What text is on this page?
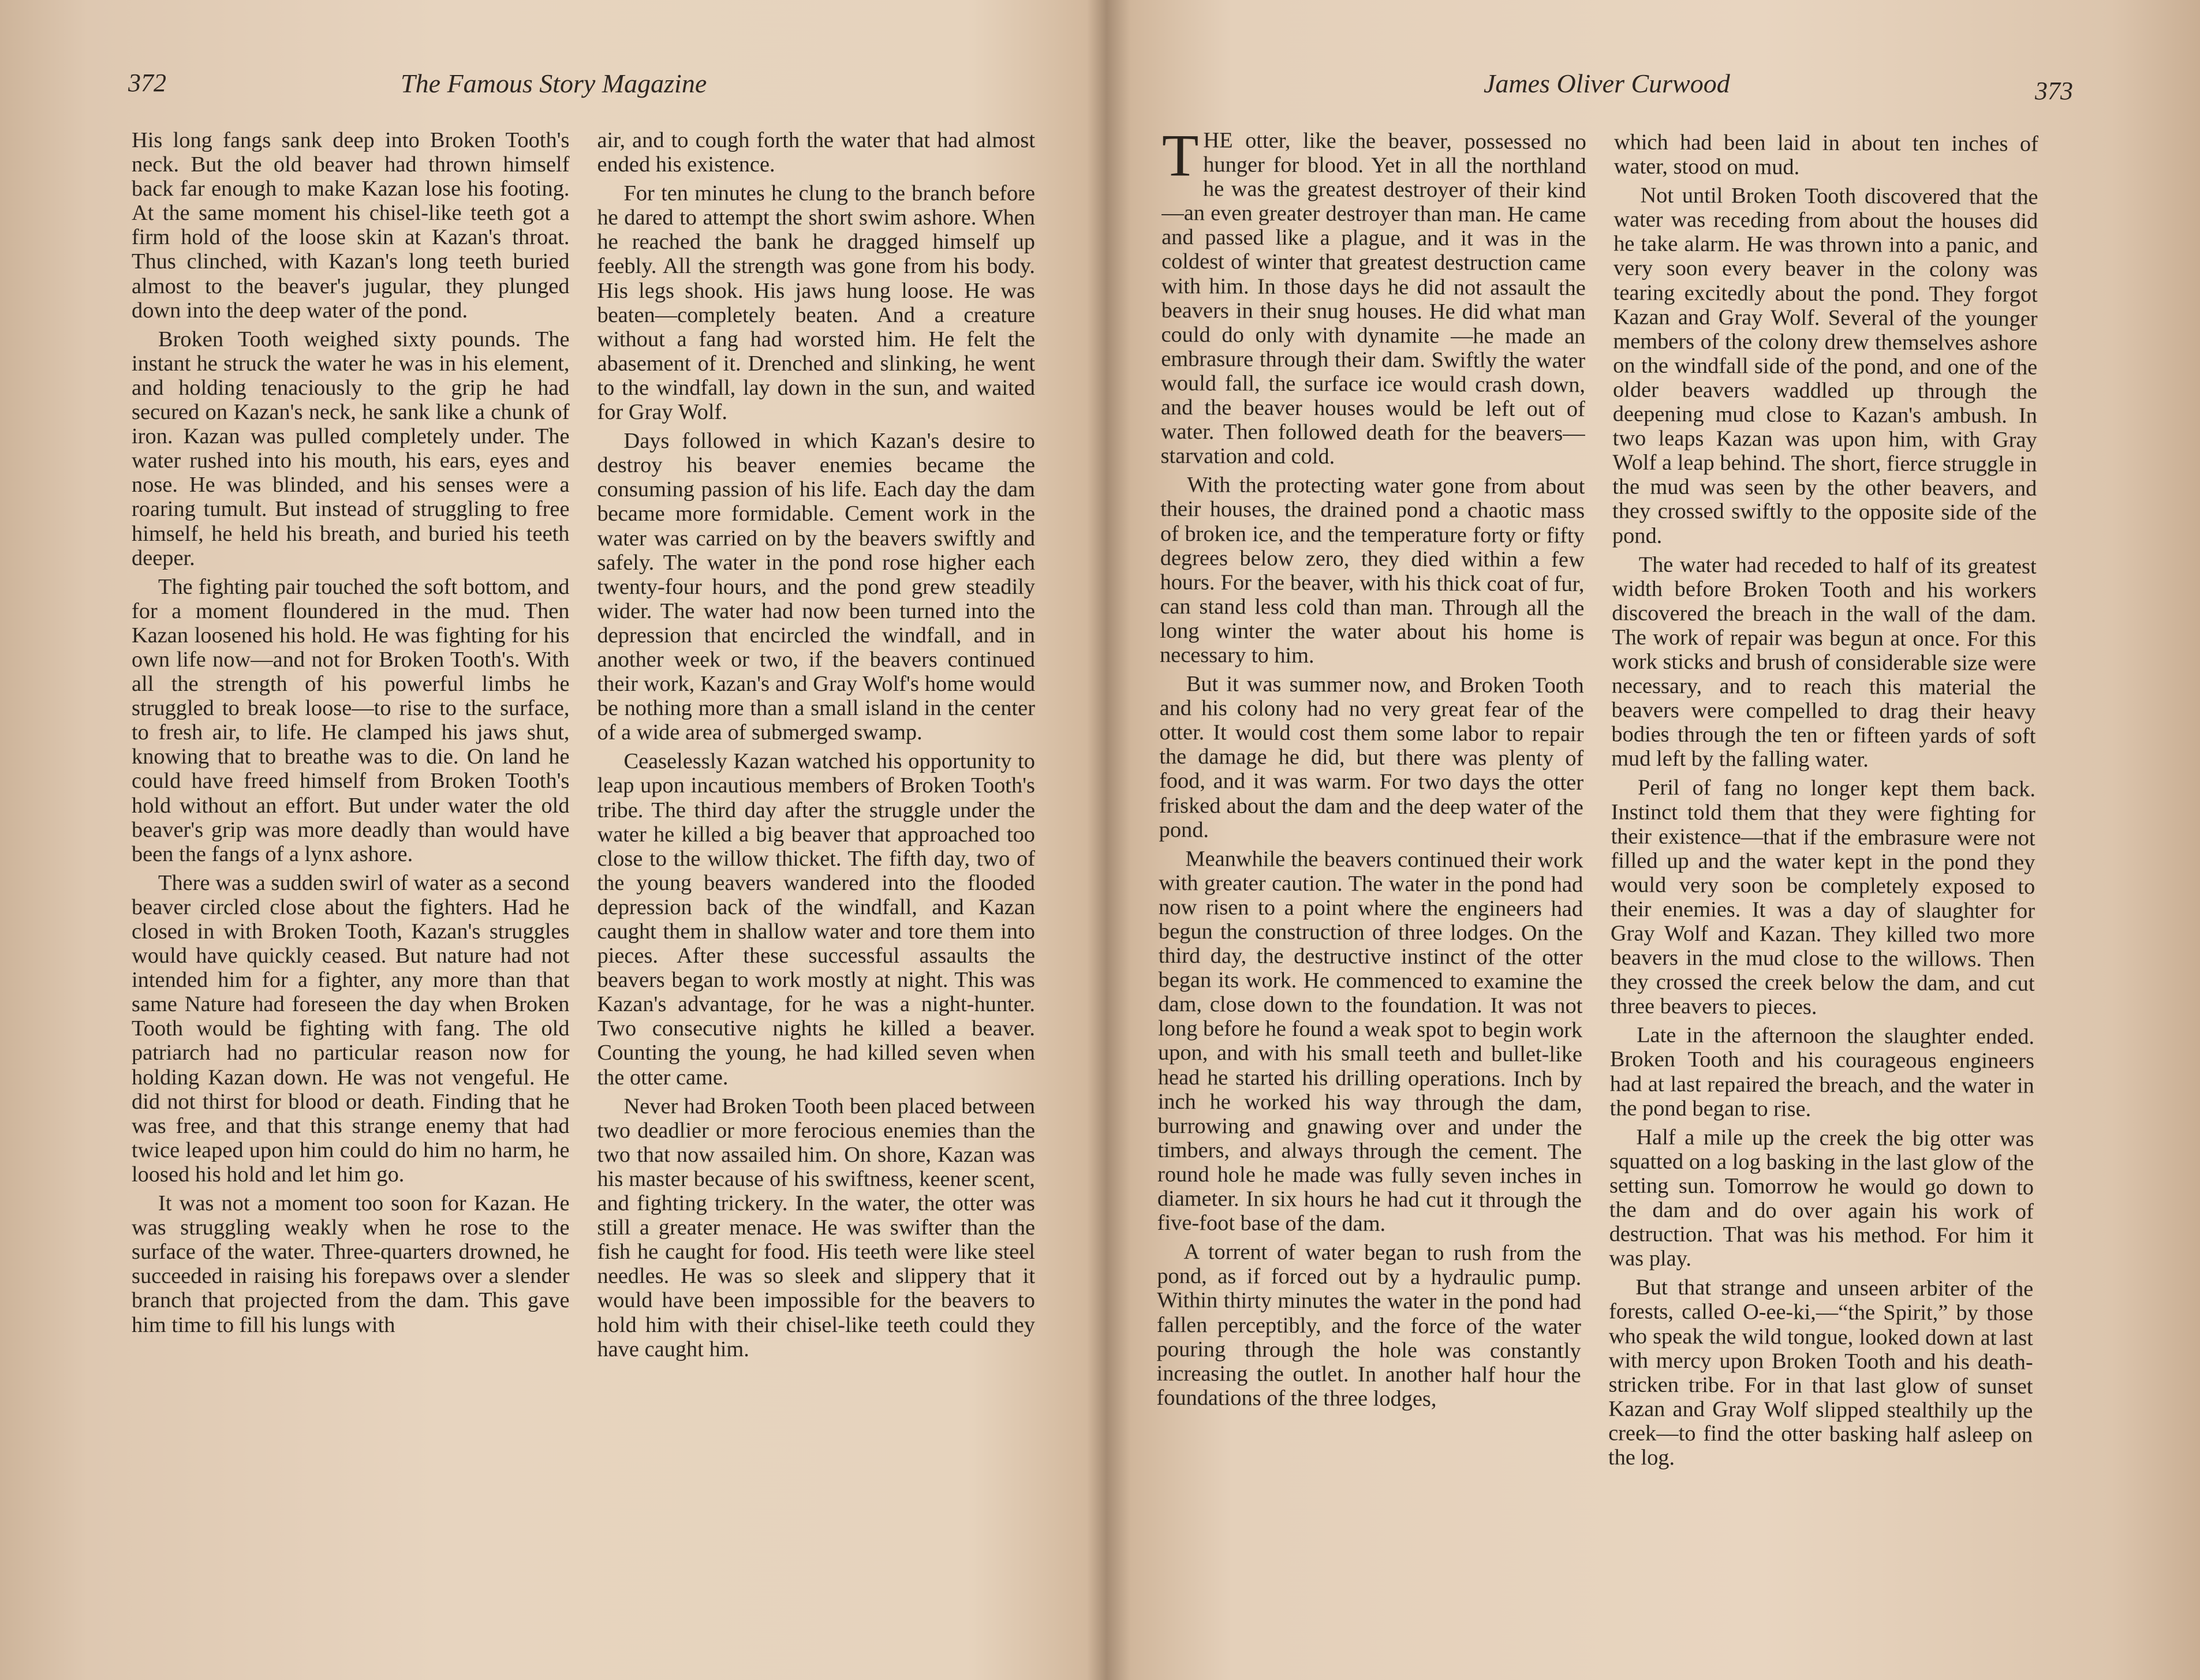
372	The Famous Story Magazine

His long fangs sank deep into Broken Tooth's neck. But the old beaver had thrown himself back far enough to make Kazan lose his footing. At the same moment his chisel-like teeth got a firm hold of the loose skin at Kazan's throat. Thus clinched, with Kazan's long teeth buried almost to the beaver's jugular, they plunged down into the deep water of the pond.

Broken Tooth weighed sixty pounds. The instant he struck the water he was in his element, and holding tenaciously to the grip he had secured on Kazan's neck, he sank like a chunk of iron. Kazan was pulled completely under. The water rushed into his mouth, his ears, eyes and nose. He was blinded, and his senses were a roaring tumult. But instead of struggling to free himself, he held his breath, and buried his teeth deeper.

The fighting pair touched the soft bottom, and for a moment floundered in the mud. Then Kazan loosened his hold. He was fighting for his own life now—and not for Broken Tooth's. With all the strength of his powerful limbs he struggled to break loose—to rise to the surface, to fresh air, to life. He clamped his jaws shut, knowing that to breathe was to die. On land he could have freed himself from Broken Tooth's hold without an effort. But under water the old beaver's grip was more deadly than would have been the fangs of a lynx ashore.

There was a sudden swirl of water as a second beaver circled close about the fighters. Had he closed in with Broken Tooth, Kazan's struggles would have quickly ceased. But nature had not intended him for a fighter, any more than that same Nature had foreseen the day when Broken Tooth would be fighting with fang. The old patriarch had no particular reason now for holding Kazan down. He was not vengeful. He did not thirst for blood or death. Finding that he was free, and that this strange enemy that had twice leaped upon him could do him no harm, he loosed his hold and let him go.

It was not a moment too soon for Kazan. He was struggling weakly when he rose to the surface of the water. Three-quarters drowned, he succeeded in raising his forepaws over a slender branch that projected from the dam. This gave him time to fill his lungs with

air, and to cough forth the water that had almost ended his existence.

For ten minutes he clung to the branch before he dared to attempt the short swim ashore. When he reached the bank he dragged himself up feebly. All the strength was gone from his body. His legs shook. His jaws hung loose. He was beaten—completely beaten. And a creature without a fang had worsted him. He felt the abasement of it. Drenched and slinking, he went to the windfall, lay down in the sun, and waited for Gray Wolf.

Days followed in which Kazan's desire to destroy his beaver enemies became the consuming passion of his life. Each day the dam became more formidable. Cement work in the water was carried on by the beavers swiftly and safely. The water in the pond rose higher each twenty-four hours, and the pond grew steadily wider. The water had now been turned into the depression that encircled the windfall, and in another week or two, if the beavers continued their work, Kazan's and Gray Wolf's home would be nothing more than a small island in the center of a wide area of submerged swamp.

Ceaselessly Kazan watched his opportunity to leap upon incautious members of Broken Tooth's tribe. The third day after the struggle under the water he killed a big beaver that approached too close to the willow thicket. The fifth day, two of the young beavers wandered into the flooded depression back of the windfall, and Kazan caught them in shallow water and tore them into pieces. After these successful assaults the beavers began to work mostly at night. This was Kazan's advantage, for he was a night-hunter. Two consecutive nights he killed a beaver. Counting the young, he had killed seven when the otter came.

Never had Broken Tooth been placed between two deadlier or more ferocious enemies than the two that now assailed him. On shore, Kazan was his master because of his swiftness, keener scent, and fighting trickery. In the water, the otter was still a greater menace. He was swifter than the fish he caught for food. His teeth were like steel needles. He was so sleek and slippery that it would have been impossible for the beavers to hold him with their chisel-like teeth could they have caught him.

James Oliver Curwood	373

THE otter, like the beaver, possessed no hunger for blood. Yet in all the northland he was the greatest destroyer of their kind—an even greater destroyer than man. He came and passed like a plague, and it was in the coldest of winter that greatest destruction came with him. In those days he did not assault the beavers in their snug houses. He did what man could do only with dynamite —he made an embrasure through their dam. Swiftly the water would fall, the surface ice would crash down, and the beaver houses would be left out of water. Then followed death for the beavers— starvation and cold.

With the protecting water gone from about their houses, the drained pond a chaotic mass of broken ice, and the temperature forty or fifty degrees below zero, they died within a few hours. For the beaver, with his thick coat of fur, can stand less cold than man. Through all the long winter the water about his home is necessary to him.

But it was summer now, and Broken Tooth and his colony had no very great fear of the otter. It would cost them some labor to repair the damage he did, but there was plenty of food, and it was warm. For two days the otter frisked about the dam and the deep water of the pond.

Meanwhile the beavers continued their work with greater caution. The water in the pond had now risen to a point where the engineers had begun the construction of three lodges. On the third day, the destructive instinct of the otter began its work. He commenced to examine the dam, close down to the foundation. It was not long before he found a weak spot to begin work upon, and with his small teeth and bullet-like head he started his drilling operations. Inch by inch he worked his way through the dam, burrowing and gnawing over and under the timbers, and always through the cement. The round hole he made was fully seven inches in diameter. In six hours he had cut it through the five-foot base of the dam.

A torrent of water began to rush from the pond, as if forced out by a hydraulic pump. Within thirty minutes the water in the pond had fallen perceptibly, and the force of the water pouring through the hole was constantly increasing the outlet. In another half hour the foundations of the three lodges,

which had been laid in about ten inches of water, stood on mud.

Not until Broken Tooth discovered that the water was receding from about the houses did he take alarm. He was thrown into a panic, and very soon every beaver in the colony was tearing excitedly about the pond. They forgot Kazan and Gray Wolf. Several of the younger members of the colony drew themselves ashore on the windfall side of the pond, and one of the older beavers waddled up through the deepening mud close to Kazan's ambush. In two leaps Kazan was upon him, with Gray Wolf a leap behind. The short, fierce struggle in the mud was seen by the other beavers, and they crossed swiftly to the opposite side of the pond.

The water had receded to half of its greatest width before Broken Tooth and his workers discovered the breach in the wall of the dam. The work of repair was begun at once. For this work sticks and brush of considerable size were necessary, and to reach this material the beavers were compelled to drag their heavy bodies through the ten or fifteen yards of soft mud left by the falling water.

Peril of fang no longer kept them back. Instinct told them that they were fighting for their existence—that if the embrasure were not filled up and the water kept in the pond they would very soon be completely exposed to their enemies. It was a day of slaughter for Gray Wolf and Kazan. They killed two more beavers in the mud close to the willows. Then they crossed the creek below the dam, and cut three beavers to pieces.

Late in the afternoon the slaughter ended. Broken Tooth and his courageous engineers had at last repaired the breach, and the water in the pond began to rise.

Half a mile up the creek the big otter was squatted on a log basking in the last glow of the setting sun. Tomorrow he would go down to the dam and do over again his work of destruction. That was his method. For him it was play.

But that strange and unseen arbiter of the forests, called O-ee-ki,—“the Spirit,” by those who speak the wild tongue, looked down at last with mercy upon Broken Tooth and his death-stricken tribe. For in that last glow of sunset Kazan and Gray Wolf slipped stealthily up the creek—to find the otter basking half asleep on the log.
